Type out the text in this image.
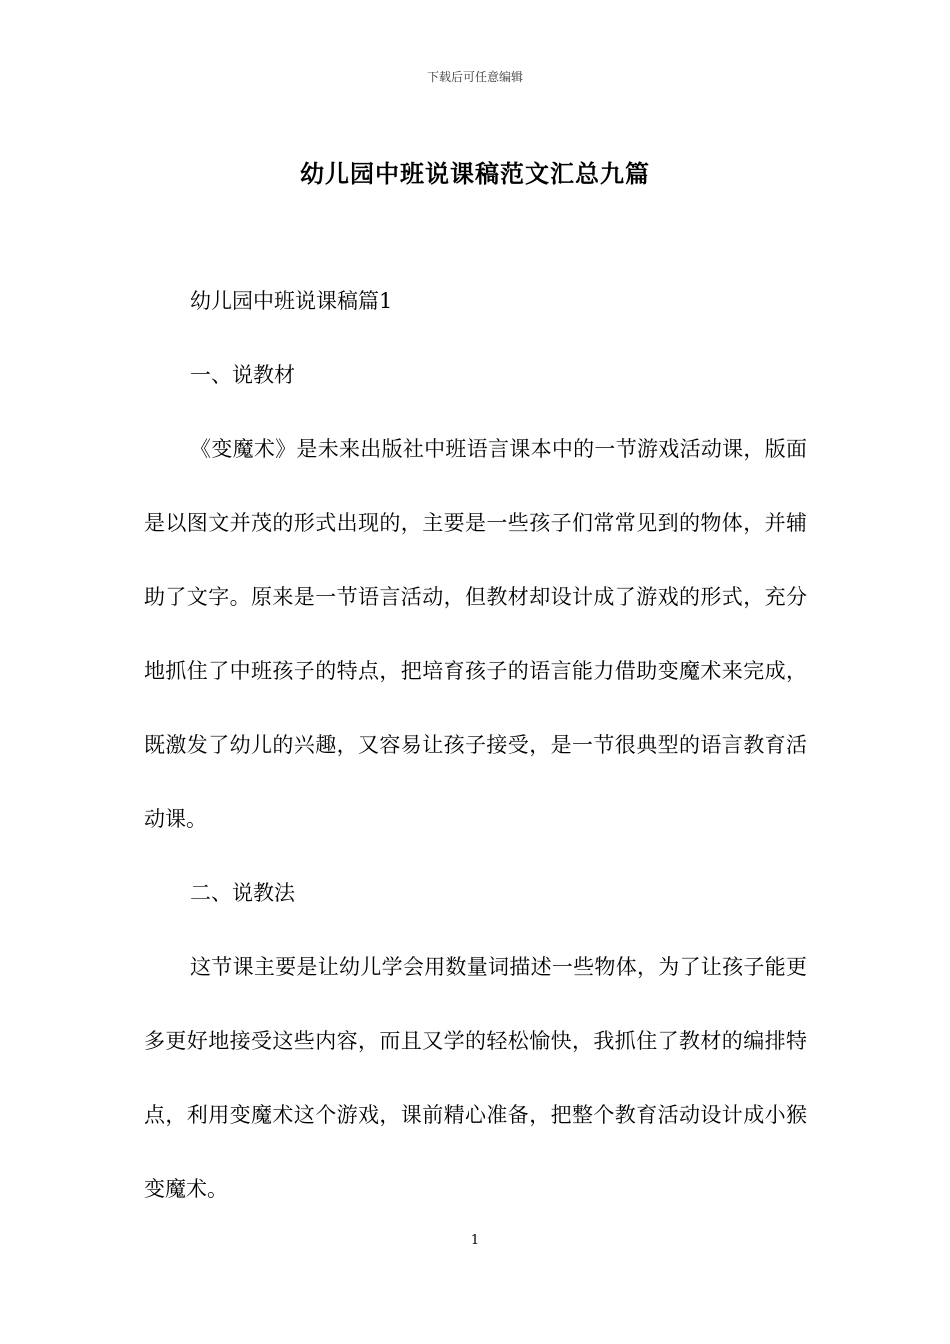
下载后可任意编辑
幼儿园中班说课稿范文汇总九篇

幼儿园中班说课稿篇1

一、说教材

《变魔术》是未来出版社中班语言课本中的一节游戏活动课，版面是以图文并茂的形式出现的，主要是一些孩子们常常见到的物体，并辅助了文字。原来是一节语言活动，但教材却设计成了游戏的形式，充分地抓住了中班孩子的特点，把培育孩子的语言能力借助变魔术来完成，既激发了幼儿的兴趣，又容易让孩子接受，是一节很典型的语言教育活动课。

二、说教法

这节课主要是让幼儿学会用数量词描述一些物体，为了让孩子能更多更好地接受这些内容，而且又学的轻松愉快，我抓住了教材的编排特点，利用变魔术这个游戏，课前精心准备，把整个教育活动设计成小猴变魔术。

1
